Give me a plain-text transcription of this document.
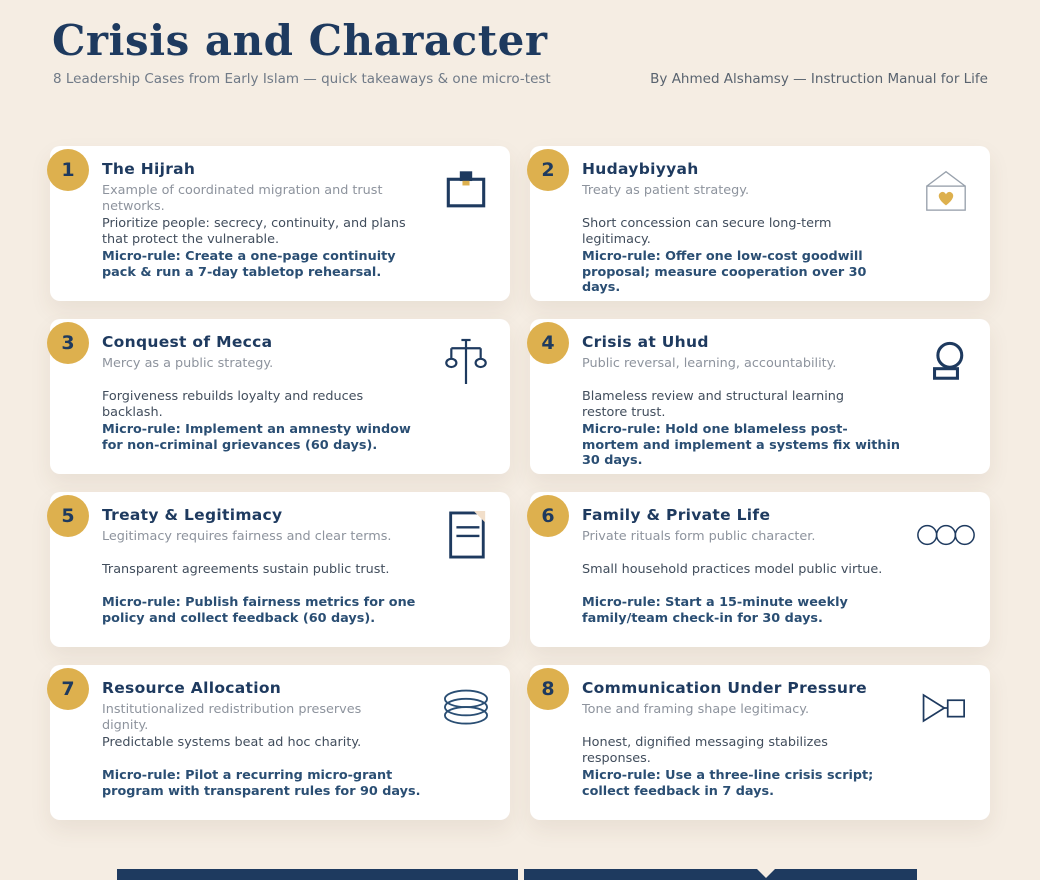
Crisis and Character
8 Leadership Cases from Early Islam — quick takeaways & one micro-test	By Ahmed Alshamsy — Instruction Manual for Life
1 The Hijrah

Example of coordinated migration and trust networks.

Prioritize people: secrecy, continuity, and plans that protect the vulnerable.

Micro-rule: Create a one-page continuity pack & run a 7-day tabletop rehearsal.

2 Hudaybiyyah

Treaty as patient strategy.

Short concession can secure long-term legitimacy.

Micro-rule: Offer one low-cost goodwill proposal; measure cooperation over 30 days.

3 Conquest of Mecca

Mercy as a public strategy.

Forgiveness rebuilds loyalty and reduces backlash.

Micro-rule: Implement an amnesty window for non-criminal grievances (60 days).

4 Crisis at Uhud

Public reversal, learning, accountability.

Blameless review and structural learning restore trust.

Micro-rule: Hold one blameless post-mortem and implement a systems fix within 30 days.

5 Treaty & Legitimacy

Legitimacy requires fairness and clear terms.

Transparent agreements sustain public trust.

Micro-rule: Publish fairness metrics for one policy and collect feedback (60 days).

6 Family & Private Life

Private rituals form public character.

Small household practices model public virtue.

Micro-rule: Start a 15-minute weekly family/team check-in for 30 days.

7 Resource Allocation

Institutionalized redistribution preserves dignity.

Predictable systems beat ad hoc charity.

Micro-rule: Pilot a recurring micro-grant program with transparent rules for 90 days.

8 Communication Under Pressure

Tone and framing shape legitimacy.

Honest, dignified messaging stabilizes responses.

Micro-rule: Use a three-line crisis script; collect feedback in 7 days.
